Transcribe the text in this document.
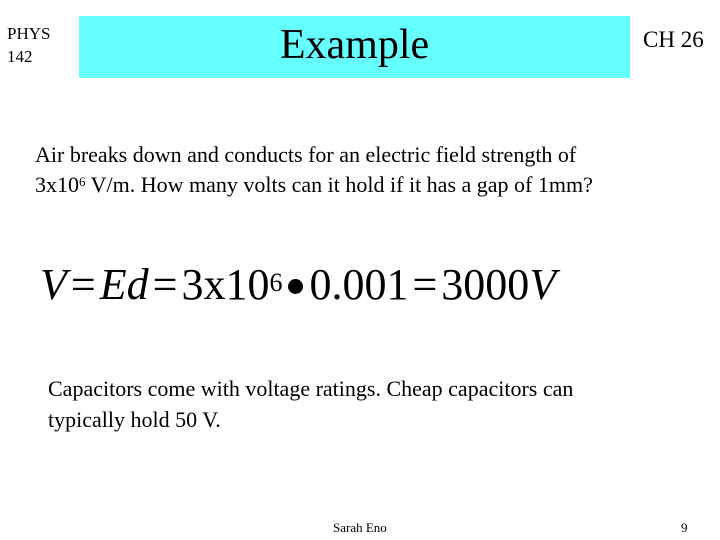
PHYS
142	Example	CH 26
Air breaks down and conducts for an electric field strength of
$3x10^6$ V/m. How many volts can it hold if it has a gap of 1mm?
$V=Ed=3x10^6$ 0.001=3000V
Capacitors come with voltage ratings. Cheap capacitors can
typically hold 50 V.
Sarah Eno	9
